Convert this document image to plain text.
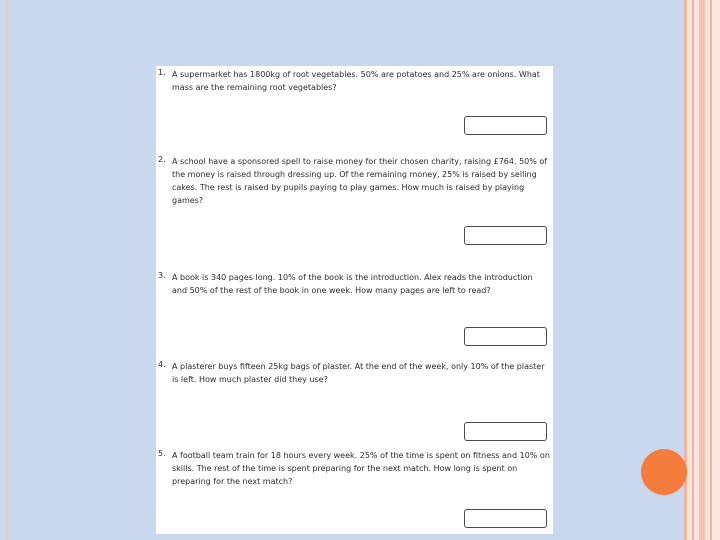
1. A supermarket has 1800kg of root vegetables. 50% are potatoes and 25% are onions. What mass are the remaining root vegetables?

2. A school have a sponsored spell to raise money for their chosen charity, raising £764. 50% of the money is raised through dressing up. Of the remaining money, 25% is raised by selling cakes. The rest is raised by pupils paying to play games. How much is raised by playing games?

3. A book is 340 pages long. 10% of the book is the introduction. Alex reads the introduction and 50% of the rest of the book in one week. How many pages are left to read?

4. A plasterer buys fifteen 25kg bags of plaster. At the end of the week, only 10% of the plaster is left. How much plaster did they use?

5. A football team train for 18 hours every week. 25% of the time is spent on fitness and 10% on skills. The rest of the time is spent preparing for the next match. How long is spent on preparing for the next match?
